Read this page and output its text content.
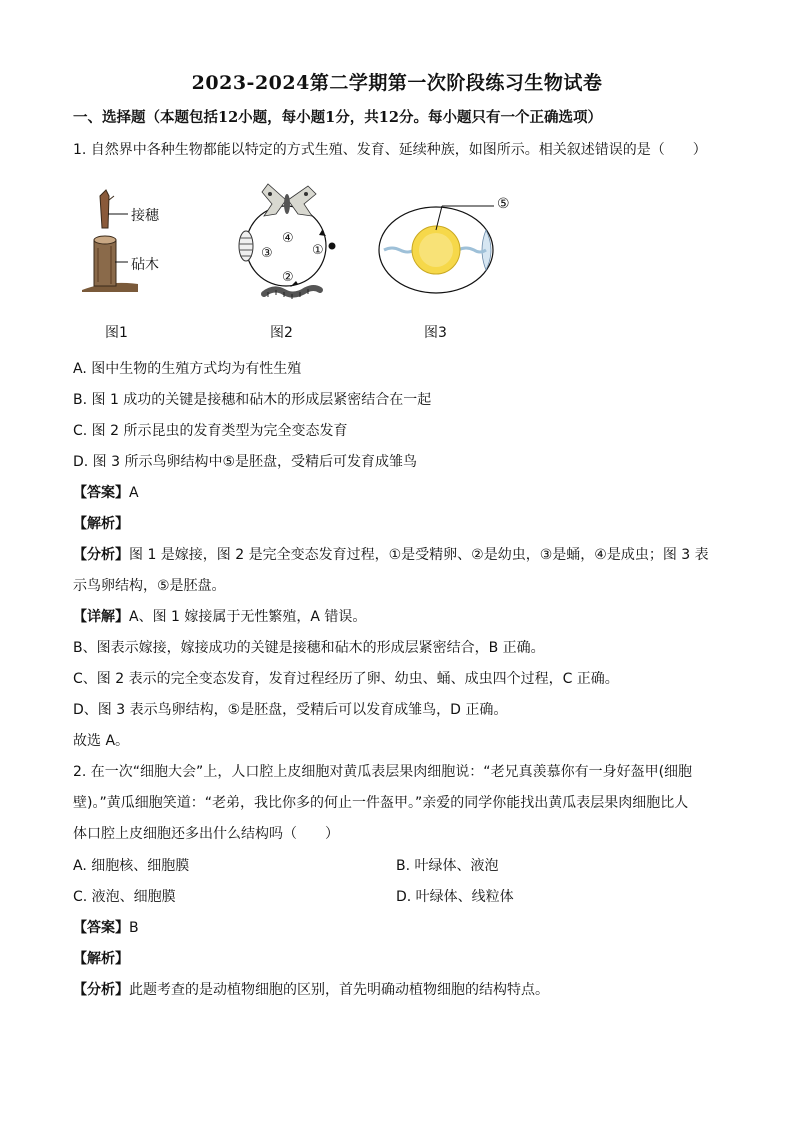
2023-2024第二学期第一次阶段练习生物试卷
一、选择题（本题包括12小题，每小题1分，共12分。每小题只有一个正确选项）
1. 自然界中各种生物都能以特定的方式生殖、发育、延续种族，如图所示。相关叙述错误的是（　　）
接穗
砧木
图1
④
①
③
②
图2
⑤
图3
A. 图中生物的生殖方式均为有性生殖
B. 图 1 成功的关键是接穗和砧木的形成层紧密结合在一起
C. 图 2 所示昆虫的发育类型为完全变态发育
D. 图 3 所示鸟卵结构中⑤是胚盘，受精后可发育成雏鸟
【答案】A
【解析】
【分析】图 1 是嫁接，图 2 是完全变态发育过程，①是受精卵、②是幼虫，③是蛹，④是成虫；图 3 表
示鸟卵结构，⑤是胚盘。
【详解】A、图 1 嫁接属于无性繁殖，A 错误。
B、图表示嫁接，嫁接成功的关键是接穗和砧木的形成层紧密结合，B 正确。
C、图 2 表示的完全变态发育，发育过程经历了卵、幼虫、蛹、成虫四个过程，C 正确。
D、图 3 表示鸟卵结构，⑤是胚盘，受精后可以发育成雏鸟，D 正确。
故选 A。
2. 在一次“细胞大会”上，人口腔上皮细胞对黄瓜表层果肉细胞说：“老兄真羡慕你有一身好盔甲(细胞
壁)。”黄瓜细胞笑道：“老弟，我比你多的何止一件盔甲。”亲爱的同学你能找出黄瓜表层果肉细胞比人
体口腔上皮细胞还多出什么结构吗（　　）
A. 细胞核、细胞膜	B. 叶绿体、液泡
C. 液泡、细胞膜	D. 叶绿体、线粒体
【答案】B
【解析】
【分析】此题考查的是动植物细胞的区别，首先明确动植物细胞的结构特点。
